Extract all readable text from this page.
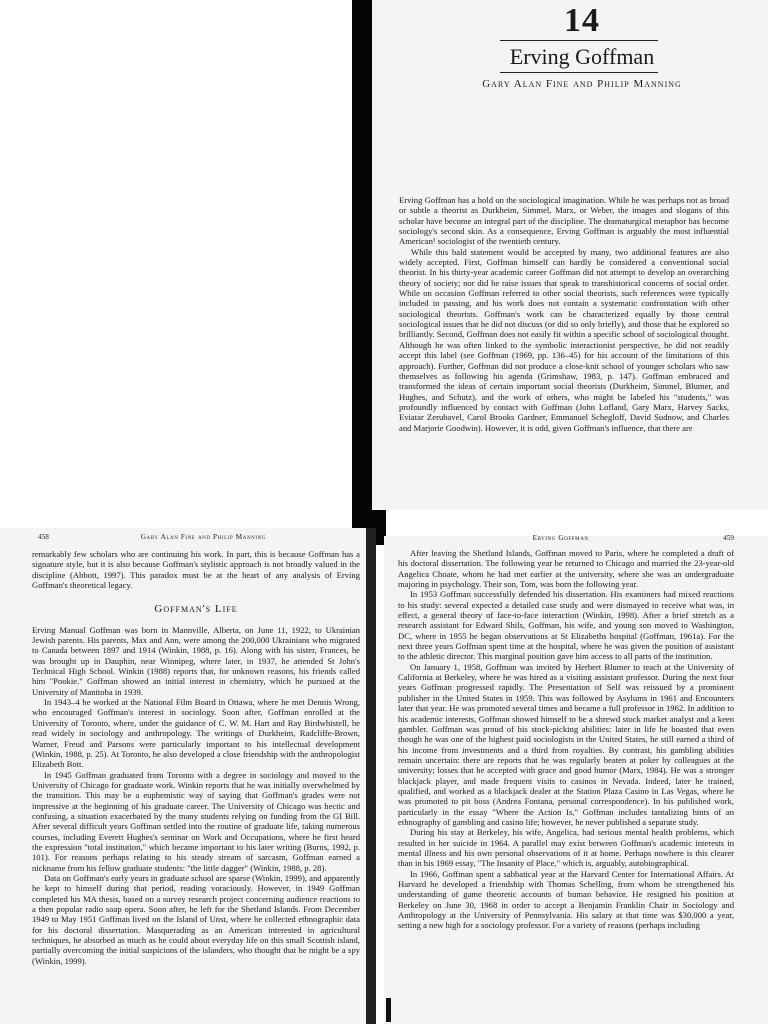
14
Erving Goffman
Gary Alan Fine and Philip Manning

Erving Goffman has a hold on the sociological imagination. While he was perhaps not as broad or subtle a theorist as Durkheim, Simmel, Marx, or Weber, the images and slogans of this scholar have become an integral part of the discipline. The dramaturgical metaphor has become sociology's second skin. As a consequence, Erving Goffman is arguably the most influential American¹ sociologist of the twentieth century.

While this bald statement would be accepted by many, two additional features are also widely accepted. First, Goffman himself can hardly be considered a conventional social theorist. In his thirty-year academic career Goffman did not attempt to develop an overarching theory of society; nor did he raise issues that speak to transhistorical concerns of social order. While on occasion Goffman referred to other social theorists, such references were typically included in passing, and his work does not contain a systematic confrontation with other sociological theorists. Goffman's work can be characterized equally by those central sociological issues that he did not discuss (or did so only briefly), and those that he explored so brilliantly. Second, Goffman does not easily fit within a specific school of sociological thought. Although he was often linked to the symbolic interactionist perspective, he did not readily accept this label (see Goffman (1969, pp. 136–45) for his account of the limitations of this approach). Further, Goffman did not produce a close-knit school of younger scholars who saw themselves as following his agenda (Grimshaw, 1983, p. 147). Goffman embraced and transformed the ideas of certain important social theorists (Durkheim, Simmel, Blumer, and Hughes, and Schutz), and the work of others, who might be labeled his "students," was profoundly influenced by contact with Goffman (John Lofland, Gary Marx, Harvey Sacks, Eviatar Zerubavel, Carol Brooks Gardner, Emmanuel Schegloff, David Sudnow, and Charles and Marjorie Goodwin). However, it is odd, given Goffman's influence, that there are

458	Gary Alan Fine and Philip Manning

remarkably few scholars who are continuing his work. In part, this is because Goffman has a signature style, but it is also because Goffman's stylistic approach is not broadly valued in the discipline (Abbott, 1997). This paradox must be at the heart of any analysis of Erving Goffman's theoretical legacy.

Goffman's Life

Erving Manual Goffman was born in Mannville, Alberta, on June 11, 1922, to Ukrainian Jewish parents. His parents, Max and Ann, were among the 200,000 Ukrainians who migrated to Canada between 1897 and 1914 (Winkin, 1988, p. 16). Along with his sister, Frances, he was brought up in Dauphin, near Winnipeg, where later, in 1937, he attended St John's Technical High School. Winkin (1988) reports that, for unknown reasons, his friends called him "Pookie." Goffman showed an initial interest in chemistry, which he pursued at the University of Manitoba in 1939.

In 1943–4 he worked at the National Film Board in Ottawa, where he met Dennis Wrong, who encouraged Goffman's interest in sociology. Soon after, Goffman enrolled at the University of Toronto, where, under the guidance of C. W. M. Hart and Ray Birdwhistell, he read widely in sociology and anthropology. The writings of Durkheim, Radcliffe-Brown, Warner, Freud and Parsons were particularly important to his intellectual development (Winkin, 1988, p. 25). At Toronto, he also developed a close friendship with the anthropologist Elizabeth Bott.

In 1945 Goffman graduated from Toronto with a degree in sociology and moved to the University of Chicago for graduate work. Winkin reports that he was initially overwhelmed by the transition. This may be a euphemistic way of saying that Goffman's grades were not impressive at the beginning of his graduate career. The University of Chicago was hectic and confusing, a situation exacerbated by the many students relying on funding from the GI Bill. After several difficult years Goffman settled into the routine of graduate life, taking numerous courses, including Everett Hughes's seminar on Work and Occupations, where he first heard the expression "total institution," which became important to his later writing (Burns, 1992, p. 101). For reasons perhaps relating to his steady stream of sarcasm, Goffman earned a nickname from his fellow graduate students: "the little dagger" (Winkin, 1988, p. 28).

Data on Goffman's early years in graduate school are sparse (Winkin, 1999), and apparently he kept to himself during that period, reading voraciously. However, in 1949 Goffman completed his MA thesis, based on a survey research project concerning audience reactions to a then popular radio soap opera. Soon after, he left for the Shetland Islands. From December 1949 to May 1951 Goffman lived on the Island of Unst, where he collected ethnographic data for his doctoral dissertation. Masquerading as an American interested in agricultural techniques, he absorbed as much as he could about everyday life on this small Scottish island, partially overcoming the initial suspicions of the islanders, who thought that he might be a spy (Winkin, 1999).

Erving Goffman	459

After leaving the Shetland Islands, Goffman moved to Paris, where he completed a draft of his doctoral dissertation. The following year he returned to Chicago and married the 23-year-old Angelica Choate, whom he had met earlier at the university, where she was an undergraduate majoring in psychology. Their son, Tom, was born the following year.

In 1953 Goffman successfully defended his dissertation. His examiners had mixed reactions to his study: several expected a detailed case study and were dismayed to receive what was, in effect, a general theory of face-to-face interaction (Winkin, 1998). After a brief stretch as a research assistant for Edward Shils, Goffman, his wife, and young son moved to Washington, DC, where in 1955 he began observations at St Elizabeths hospital (Goffman, 1961a). For the next three years Goffman spent time at the hospital, where he was given the position of assistant to the athletic director. This marginal position gave him access to all parts of the institution.

On January 1, 1958, Goffman was invited by Herbert Blumer to teach at the University of California at Berkeley, where he was hired as a visiting assistant professor. During the next four years Goffman progressed rapidly. The Presentation of Self was reissued by a prominent publisher in the United States in 1959. This was followed by Asylums in 1961 and Encounters later that year. He was promoted several times and became a full professor in 1962. In addition to his academic interests, Goffman showed himself to be a shrewd stock market analyst and a keen gambler. Goffman was proud of his stock-picking abilities: later in life he boasted that even though he was one of the highest paid sociologists in the United States, he still earned a third of his income from investments and a third from royalties. By contrast, his gambling abilities remain uncertain: there are reports that he was regularly beaten at poker by colleagues at the university; losses that he accepted with grace and good humor (Marx, 1984). He was a stronger blackjack player, and made frequent visits to casinos in Nevada. Indeed, later he trained, qualified, and worked as a blackjack dealer at the Station Plaza Casino in Las Vegas, where he was promoted to pit boss (Andrea Fontana, personal correspondence). In his published work, particularly in the essay "Where the Action Is," Goffman includes tantalizing hints of an ethnography of gambling and casino life; however, he never published a separate study.

During his stay at Berkeley, his wife, Angelica, had serious mental health problems, which resulted in her suicide in 1964. A parallel may exist between Goffman's academic interests in mental illness and his own personal observations of it at home. Perhaps nowhere is this clearer than in his 1969 essay, "The Insanity of Place," which is, arguably, autobiographical.

In 1966, Goffman spent a sabbatical year at the Harvard Center for International Affairs. At Harvard he developed a friendship with Thomas Schelling, from whom he strengthened his understanding of game theoretic accounts of human behavior. He resigned his position at Berkeley on June 30, 1968 in order to accept a Benjamin Franklin Chair in Sociology and Anthropology at the University of Pennsylvania. His salary at that time was $30,000 a year, setting a new high for a sociology professor. For a variety of reasons (perhaps including
